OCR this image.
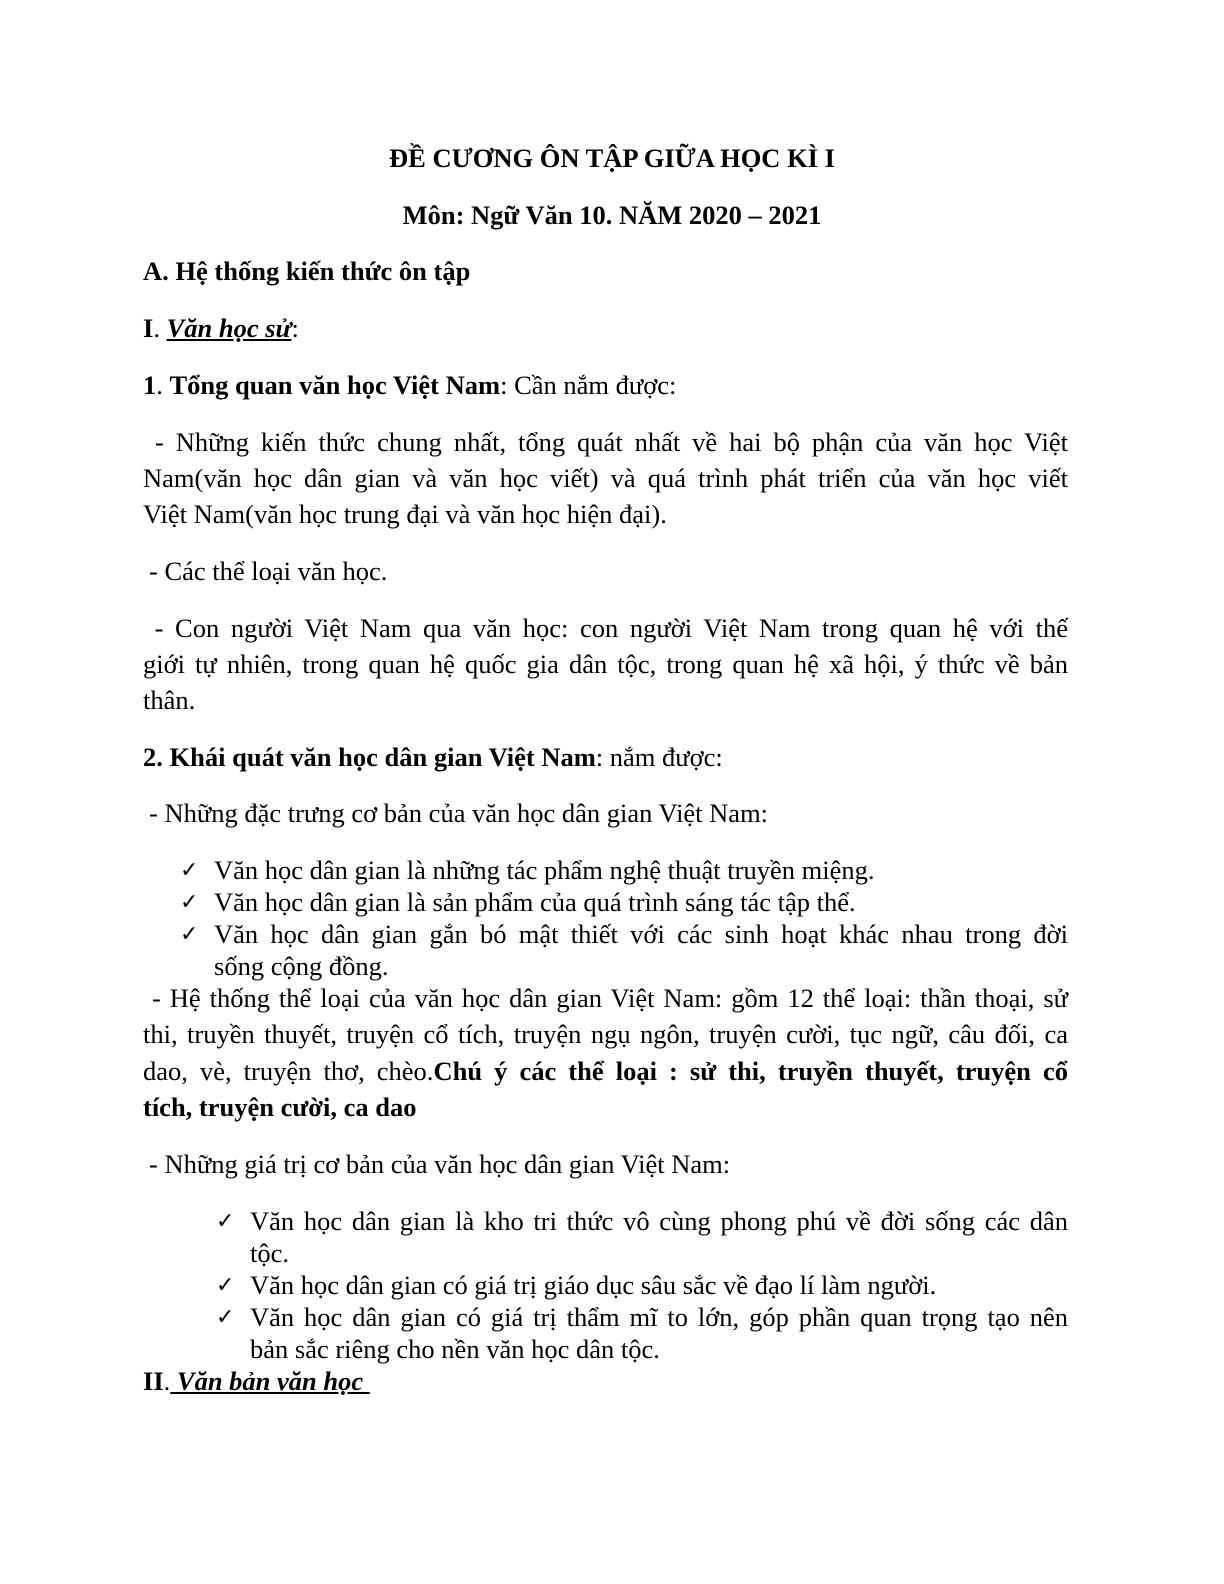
ĐỀ CƯƠNG ÔN TẬP GIỮA HỌC KÌ I
Môn: Ngữ Văn 10. NĂM 2020 – 2021
A. Hệ thống kiến thức ôn tập
I. Văn học sử:
1. Tổng quan văn học Việt Nam: Cần nắm được:
- Những kiến thức chung nhất, tổng quát nhất về hai bộ phận của văn học Việt
Nam(văn học dân gian và văn học viết) và quá trình phát triển của văn học viết
Việt Nam(văn học trung đại và văn học hiện đại).
- Các thể loại văn học.
- Con người Việt Nam qua văn học: con người Việt Nam trong quan hệ với thế
giới tự nhiên, trong quan hệ quốc gia dân tộc, trong quan hệ xã hội, ý thức về bản
thân.
2. Khái quát văn học dân gian Việt Nam: nắm được:
- Những đặc trưng cơ bản của văn học dân gian Việt Nam:
✓ Văn học dân gian là những tác phẩm nghệ thuật truyền miệng.
✓ Văn học dân gian là sản phẩm của quá trình sáng tác tập thể.
✓ Văn học dân gian gắn bó mật thiết với các sinh hoạt khác nhau trong đời
sống cộng đồng.
- Hệ thống thể loại của văn học dân gian Việt Nam: gồm 12 thể loại: thần thoại, sử
thi, truyền thuyết, truyện cổ tích, truyện ngụ ngôn, truyện cười, tục ngữ, câu đối, ca
dao, vè, truyện thơ, chèo.Chú ý các thể loại : sử thi, truyền thuyết, truyện cổ
tích, truyện cười, ca dao
- Những giá trị cơ bản của văn học dân gian Việt Nam:
✓ Văn học dân gian là kho tri thức vô cùng phong phú về đời sống các dân
tộc.
✓ Văn học dân gian có giá trị giáo dục sâu sắc về đạo lí làm người.
✓ Văn học dân gian có giá trị thẩm mĩ to lớn, góp phần quan trọng tạo nên
bản sắc riêng cho nền văn học dân tộc.
II. Văn bản văn học
